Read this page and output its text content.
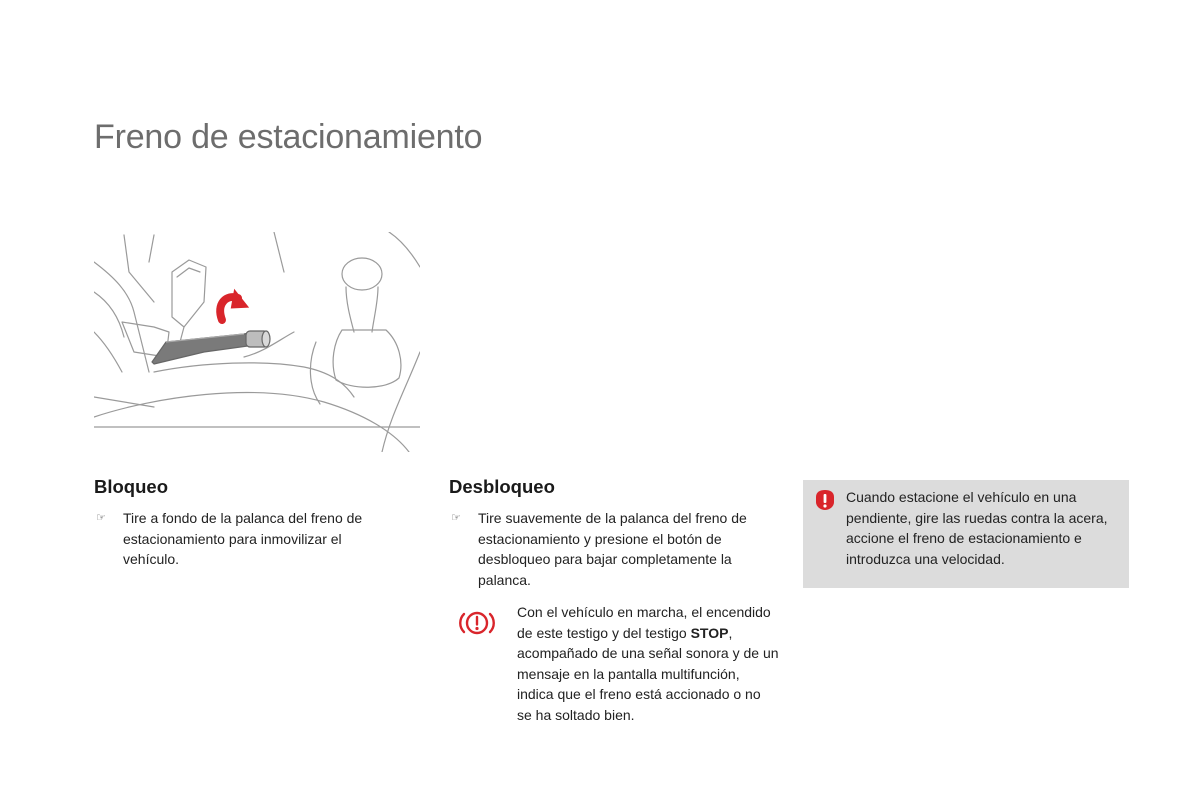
Freno de estacionamiento
Bloqueo
☞ Tire a fondo de la palanca del freno de estacionamiento para inmovilizar el vehículo.
Desbloqueo
☞ Tire suavemente de la palanca del freno de estacionamiento y presione el botón de desbloqueo para bajar completamente la palanca.
Con el vehículo en marcha, el encendido de este testigo y del testigo STOP, acompañado de una señal sonora y de un mensaje en la pantalla multifunción, indica que el freno está accionado o no se ha soltado bien.
Cuando estacione el vehículo en una pendiente, gire las ruedas contra la acera, accione el freno de estacionamiento e introduzca una velocidad.
